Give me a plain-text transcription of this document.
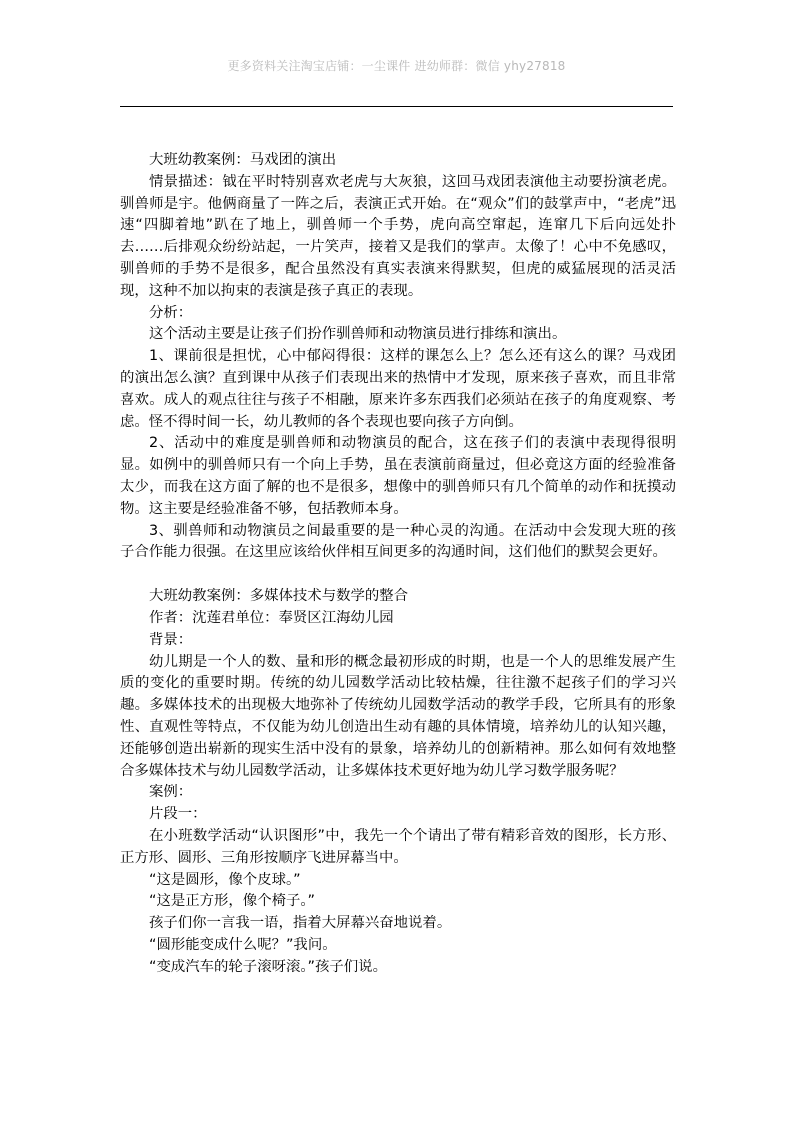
更多资料关注淘宝店铺：一尘课件 进幼师群：微信 yhy27818

大班幼教案例：马戏团的演出

情景描述：钺在平时特别喜欢老虎与大灰狼，这回马戏团表演他主动要扮演老虎。驯兽师是宇。他俩商量了一阵之后，表演正式开始。在“观众”们的鼓掌声中，“老虎”迅速“四脚着地”趴在了地上，驯兽师一个手势，虎向高空窜起，连窜几下后向远处扑去……后排观众纷纷站起，一片笑声，接着又是我们的掌声。太像了！心中不免感叹，驯兽师的手势不是很多，配合虽然没有真实表演来得默契，但虎的威猛展现的活灵活现，这种不加以拘束的表演是孩子真正的表现。

分析：

这个活动主要是让孩子们扮作驯兽师和动物演员进行排练和演出。

1、课前很是担忧，心中郁闷得很：这样的课怎么上？怎么还有这么的课？马戏团的演出怎么演？直到课中从孩子们表现出来的热情中才发现，原来孩子喜欢，而且非常喜欢。成人的观点往往与孩子不相融，原来许多东西我们必须站在孩子的角度观察、考虑。怪不得时间一长，幼儿教师的各个表现也要向孩子方向倒。

2、活动中的难度是驯兽师和动物演员的配合，这在孩子们的表演中表现得很明显。如例中的驯兽师只有一个向上手势，虽在表演前商量过，但必竟这方面的经验准备太少，而我在这方面了解的也不是很多，想像中的驯兽师只有几个简单的动作和抚摸动物。这主要是经验准备不够，包括教师本身。

3、驯兽师和动物演员之间最重要的是一种心灵的沟通。在活动中会发现大班的孩子合作能力很强。在这里应该给伙伴相互间更多的沟通时间，这们他们的默契会更好。

大班幼教案例：多媒体技术与数学的整合

作者：沈莲君单位：奉贤区江海幼儿园

背景：

幼儿期是一个人的数、量和形的概念最初形成的时期，也是一个人的思维发展产生质的变化的重要时期。传统的幼儿园数学活动比较枯燥，往往激不起孩子们的学习兴趣。多媒体技术的出现极大地弥补了传统幼儿园数学活动的教学手段，它所具有的形象性、直观性等特点，不仅能为幼儿创造出生动有趣的具体情境，培养幼儿的认知兴趣，还能够创造出崭新的现实生活中没有的景象，培养幼儿的创新精神。那么如何有效地整合多媒体技术与幼儿园数学活动，让多媒体技术更好地为幼儿学习数学服务呢？

案例：

片段一：

在小班数学活动“认识图形”中，我先一个个请出了带有精彩音效的图形，长方形、正方形、圆形、三角形按顺序飞进屏幕当中。

“这是圆形，像个皮球。”

“这是正方形，像个椅子。”

孩子们你一言我一语，指着大屏幕兴奋地说着。

“圆形能变成什么呢？”我问。

“变成汽车的轮子滚呀滚。”孩子们说。
